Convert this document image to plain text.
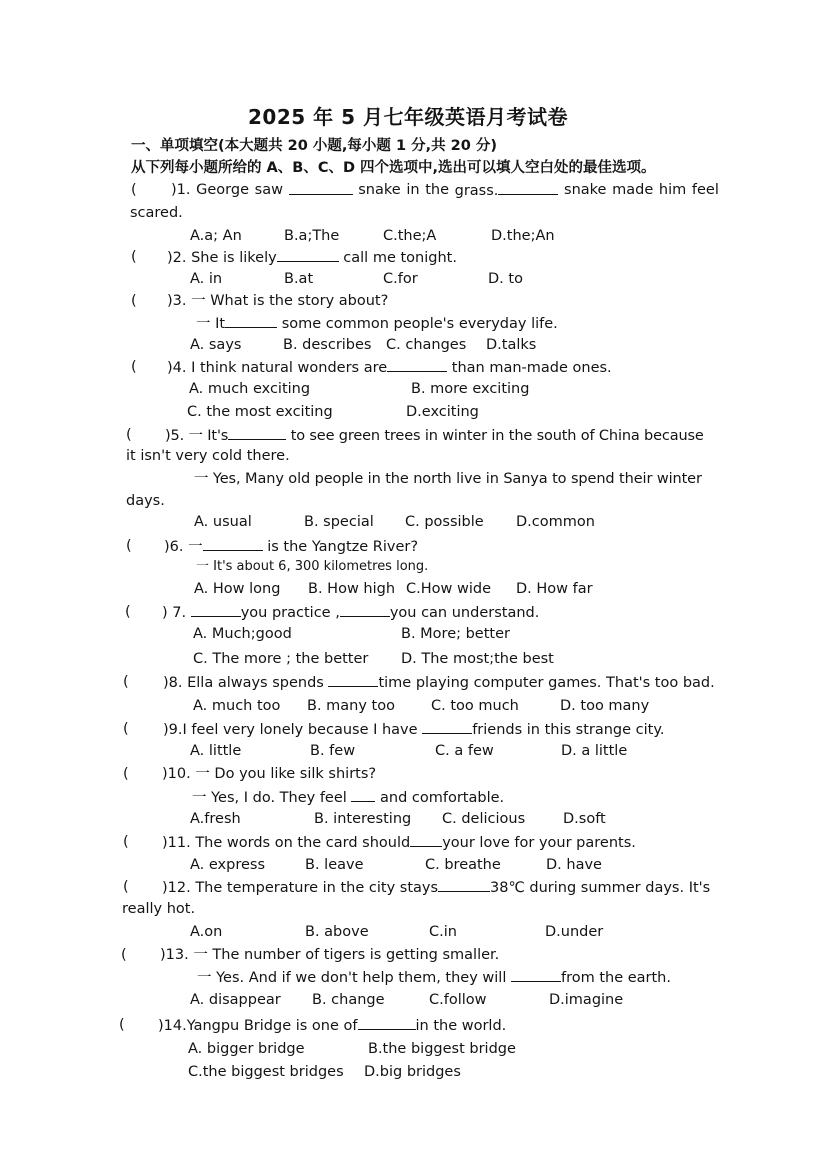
2025 年 5 月七年级英语月考试卷
一、单项填空(本大题共 20 小题,每小题 1 分,共 20 分)
从下列每小题所给的 A、B、C、D 四个选项中,选出可以填人空白处的最佳选项。
( )1. George saw	snake in the grass.	snake made him feel
scared.
A.a; An	B.a;The	C.the;A	D.the;An
( )2. She is likely	call me tonight.
A. in	B.at	C.for	D. to
( )3. 一 What is the story about?
一 It	some common people's everyday life.
A. says	B. describes C. changes D.talks
( )4. I think natural wonders are	than man-made ones.
A. much exciting	B. more exciting
C. the most exciting	D.exciting
( )5. 一 It's	to see green trees in winter in the south of China because
it isn't very cold there.
一 Yes, Many old people in the north live in Sanya to spend their winter
days.
A. usual	B. special C. possible D.common
( )6. 一	is the Yangtze River?
一 It's about 6, 300 kilometres long.
A. How long B. How high C.How wide D. How far
( ) 7.	you practice ,	you can understand.
A. Much;good	B. More; better
C. The more ; the better D. The most;the best
( )8. Ella always spends	time playing computer games. That's too bad.
A. much too B. many too C. too much	D. too many
( )9.I feel very lonely because I have	friends in this strange city.
A. little	B. few	C. a few	D. a little
( )10. 一 Do you like silk shirts?
一 Yes, I do. They feel and comfortable.
A.fresh	B. interesting C. delicious	D.soft
( )11. The words on the card should your love for your parents.
A. express	B. leave	C. breathe	D. have
( )12. The temperature in the city stays	38℃ during summer days. It's
really hot.
A.on	B. above	C.in	D.under
( )13. 一 The number of tigers is getting smaller.
一 Yes. And if we don't help them, they will	from the earth.
A. disappear B. change	C.follow	D.imagine
( )14.Yangpu Bridge is one of	in the world.
A. bigger bridge	B.the biggest bridge
C.the biggest bridges D.big bridges
